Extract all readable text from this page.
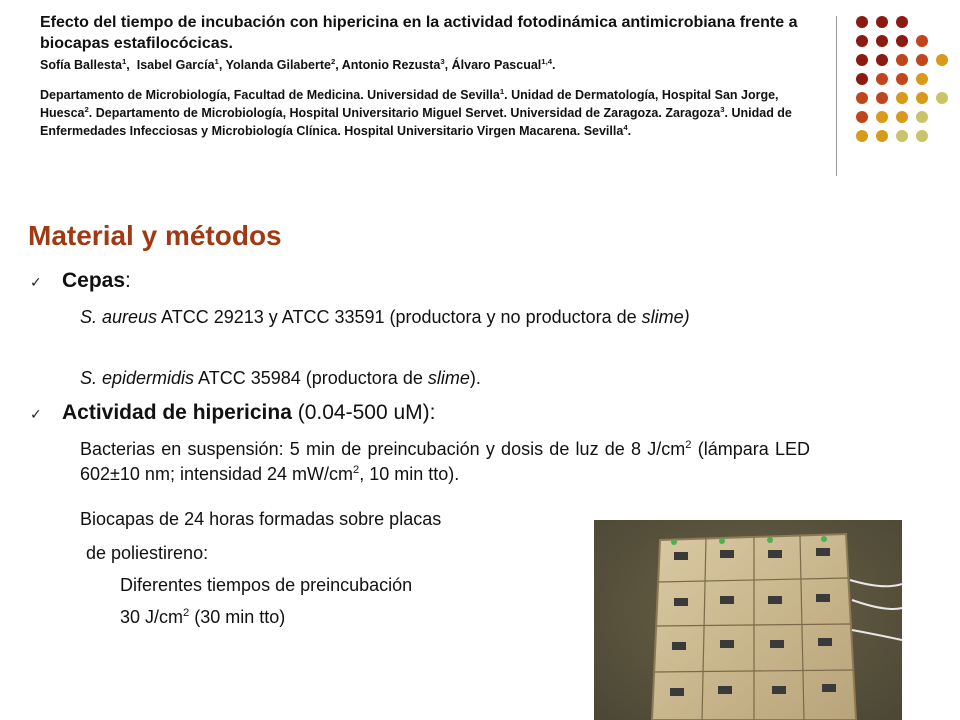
Efecto del tiempo de incubación con hipericina en la actividad fotodinámica antimicrobiana frente a biocapas estafilocócicas.
Sofía Ballesta$^1$,  Isabel García$^1$, Yolanda Gilaberte$^2$, Antonio Rezusta$^3$, Álvaro Pascual$^{1,4}$.
Departamento de Microbiología, Facultad de Medicina. Universidad de Sevilla$^1$. Unidad de Dermatología, Hospital San Jorge, Huesca$^2$. Departamento de Microbiología, Hospital Universitario Miguel Servet. Universidad de Zaragoza. Zaragoza$^3$. Unidad de Enfermedades Infecciosas y Microbiología Clínica. Hospital Universitario Virgen Macarena. Sevilla$^4$.
Material y métodos
✓ Cepas:
S. aureus ATCC 29213 y ATCC 33591 (productora y no productora de slime)
S. epidermidis ATCC 35984 (productora de slime).
✓ Actividad de hipericina (0.04-500 uM):
Bacterias en suspensión: 5 min de preincubación y dosis de luz de 8 $J/cm^2$ (lámpara LED 602±10 nm; intensidad 24 $mW/cm^2$, 10 min tto).
Biocapas de 24 horas formadas sobre placas
de poliestireno:
Diferentes tiempos de preincubación
30 $J/cm^2$ (30 min tto)
